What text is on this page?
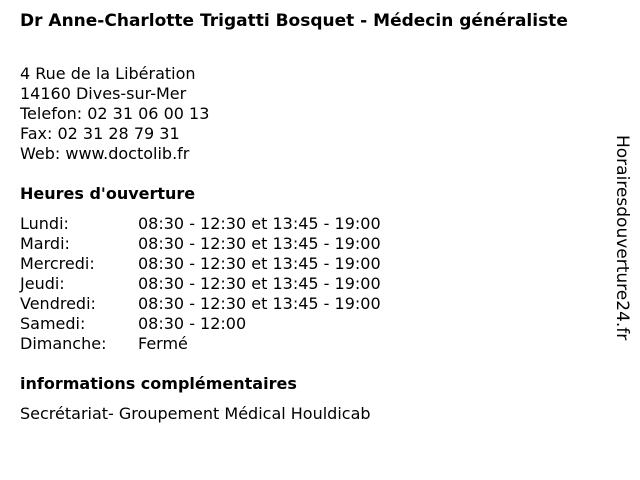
Dr Anne-Charlotte Trigatti Bosquet - Médecin généraliste
4 Rue de la Libération
14160 Dives-sur-Mer
Telefon: 02 31 06 00 13
Fax: 02 31 28 79 31
Web: www.doctolib.fr
Heures d'ouverture
Lundi:	08:30 - 12:30 et 13:45 - 19:00
Mardi:	08:30 - 12:30 et 13:45 - 19:00
Mercredi:	08:30 - 12:30 et 13:45 - 19:00
Jeudi:	08:30 - 12:30 et 13:45 - 19:00
Vendredi:	08:30 - 12:30 et 13:45 - 19:00
Samedi:	08:30 - 12:00
Dimanche: Fermé
informations complémentaires
Secrétariat- Groupement Médical Houldicab
Horairesdouverture24.fr
